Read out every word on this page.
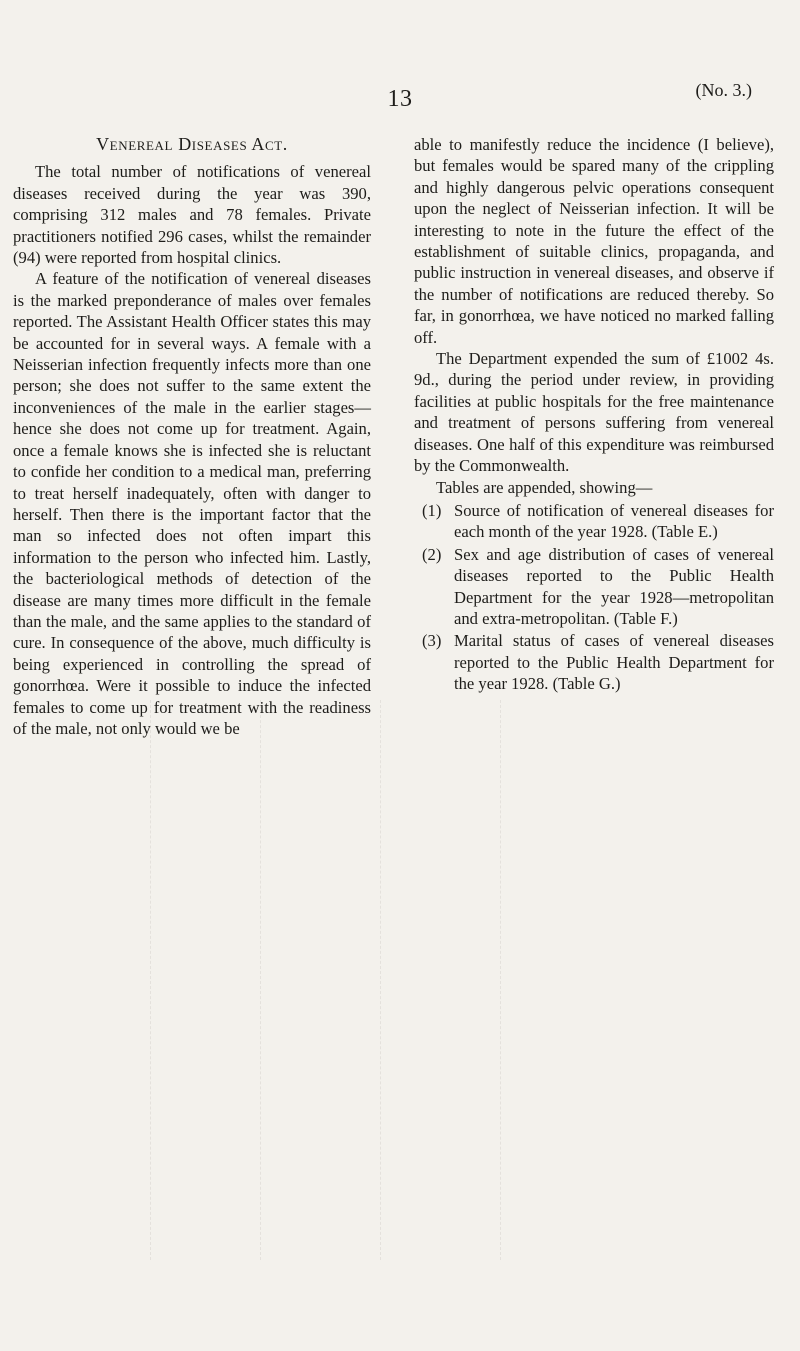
13	(No. 3.)
Venereal Diseases Act.

The total number of notifications of venereal diseases received during the year was 390, comprising 312 males and 78 females. Private practitioners notified 296 cases, whilst the remainder (94) were reported from hospital clinics.

A feature of the notification of venereal diseases is the marked preponderance of males over females reported. The Assistant Health Officer states this may be accounted for in several ways. A female with a Neisserian infection frequently infects more than one person; she does not suffer to the same extent the inconveniences of the male in the earlier stages—hence she does not come up for treatment. Again, once a female knows she is infected she is reluctant to confide her condition to a medical man, preferring to treat herself inadequately, often with danger to herself. Then there is the important factor that the man so infected does not often impart this information to the person who infected him. Lastly, the bacteriological methods of detection of the disease are many times more difficult in the female than the male, and the same applies to the standard of cure. In consequence of the above, much difficulty is being experienced in controlling the spread of gonorrhœa. Were it possible to induce the infected females to come up for treatment with the readiness of the male, not only would we be

able to manifestly reduce the incidence (I believe), but females would be spared many of the crippling and highly dangerous pelvic operations consequent upon the neglect of Neisserian infection. It will be interesting to note in the future the effect of the establishment of suitable clinics, propaganda, and public instruction in venereal diseases, and observe if the number of notifications are reduced thereby. So far, in gonorrhœa, we have noticed no marked falling off.

The Department expended the sum of £1002 4s. 9d., during the period under review, in providing facilities at public hospitals for the free maintenance and treatment of persons suffering from venereal diseases. One half of this expenditure was reimbursed by the Commonwealth.

Tables are appended, showing—

(1) Source of notification of venereal diseases for each month of the year 1928. (Table E.)
(2) Sex and age distribution of cases of venereal diseases reported to the Public Health Department for the year 1928—metropolitan and extra-metropolitan. (Table F.)
(3) Marital status of cases of venereal diseases reported to the Public Health Department for the year 1928. (Table G.)
